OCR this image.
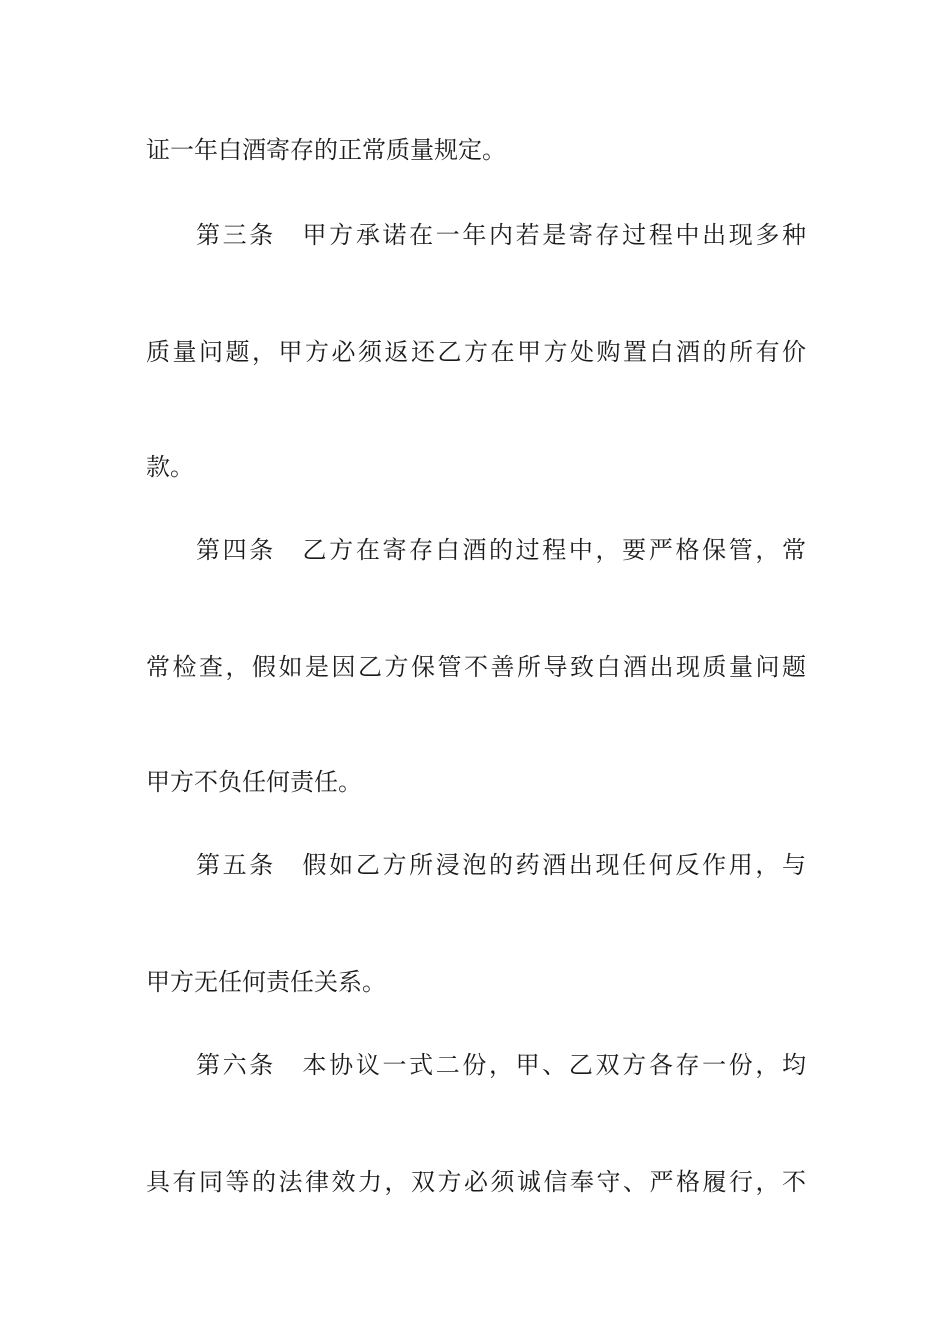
证一年白酒寄存的正常质量规定。
第三条　甲方承诺在一年内若是寄存过程中出现多种
质量问题，甲方必须返还乙方在甲方处购置白酒的所有价
款。
第四条　乙方在寄存白酒的过程中，要严格保管，常
常检查，假如是因乙方保管不善所导致白酒出现质量问题
甲方不负任何责任。
第五条　假如乙方所浸泡的药酒出现任何反作用，与
甲方无任何责任关系。
第六条　本协议一式二份，甲、乙双方各存一份，均
具有同等的法律效力，双方必须诚信奉守、严格履行，不
